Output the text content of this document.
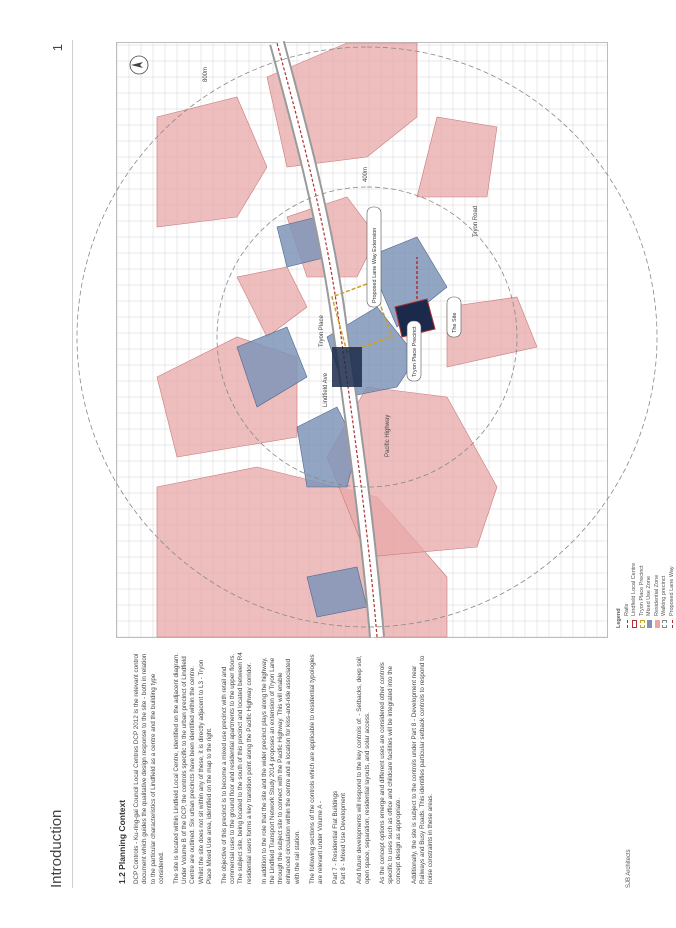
Introduction
1
1.2 Planning Context DCP Controls - Ku-ring-gai Council Local Centres DCP 2012 is the relevant control document which guides the qualitative design response to the site - both in relation to the particular characteristics of Lindfield as a centre and the building type considered. The site is located within Lindfield Local Centre, identified on the adjacent diagram. Under Volume B of the DCP, the controls specific to the urban precinct of Lindfield Centre are outlined. Six urban precincts have been identified within the centre. Whilst the site does not sit within any of these, it is directly adjacent to L3 - Tryon Place Mixed Use area, identified on the map to the right. The objective of this precinct is to become a mixed use precinct with retail and commercial uses to the ground floor and residential apartments to the upper floors. The subject site, being located to the south of this precinct and located between R4 residential users forms a key transition point along the Pacific Highway corridor. In addition to the role that the site and the wider precinct plays along the highway, the Lindfield Transport Network Study 2014 proposes an extension of Tryon Lane through the subject site to connect with the Pacific Highway. This will enable enhanced circulation within the centre and a location for kiss-and-ride associated with the rail station. The following sections of the controls which are applicable to residential typologies are relevant under Volume A - Part 7 - Residential Flat Buildings Part 8 - Mixed Use Development And future developments will respond to the key controls of: - Setbacks, deep soil, open space, separation, residential layouts, and solar access. As the concept options emerge and different uses are considered other controls specific to uses such as office and childcare facilities will be integrated into the concept design as appropriate. Additionally, the site is subject to the controls under Part 8 - Development near Railways and Busy Roads. This identifies particular setback controls to respond to noise constraints in these areas.	SJB Architects
Pacific Highway
Lindfield Ave
Tryon Place
Tryon Road
400m
800m
Tryon Place Precinct
The Site
Proposed Lane Way Extension
Legend Rails Lindfield Local Centre Tryon Place Precinct Mixed Use Zone Residential Zone Walking precinct Proposed Lane Way
